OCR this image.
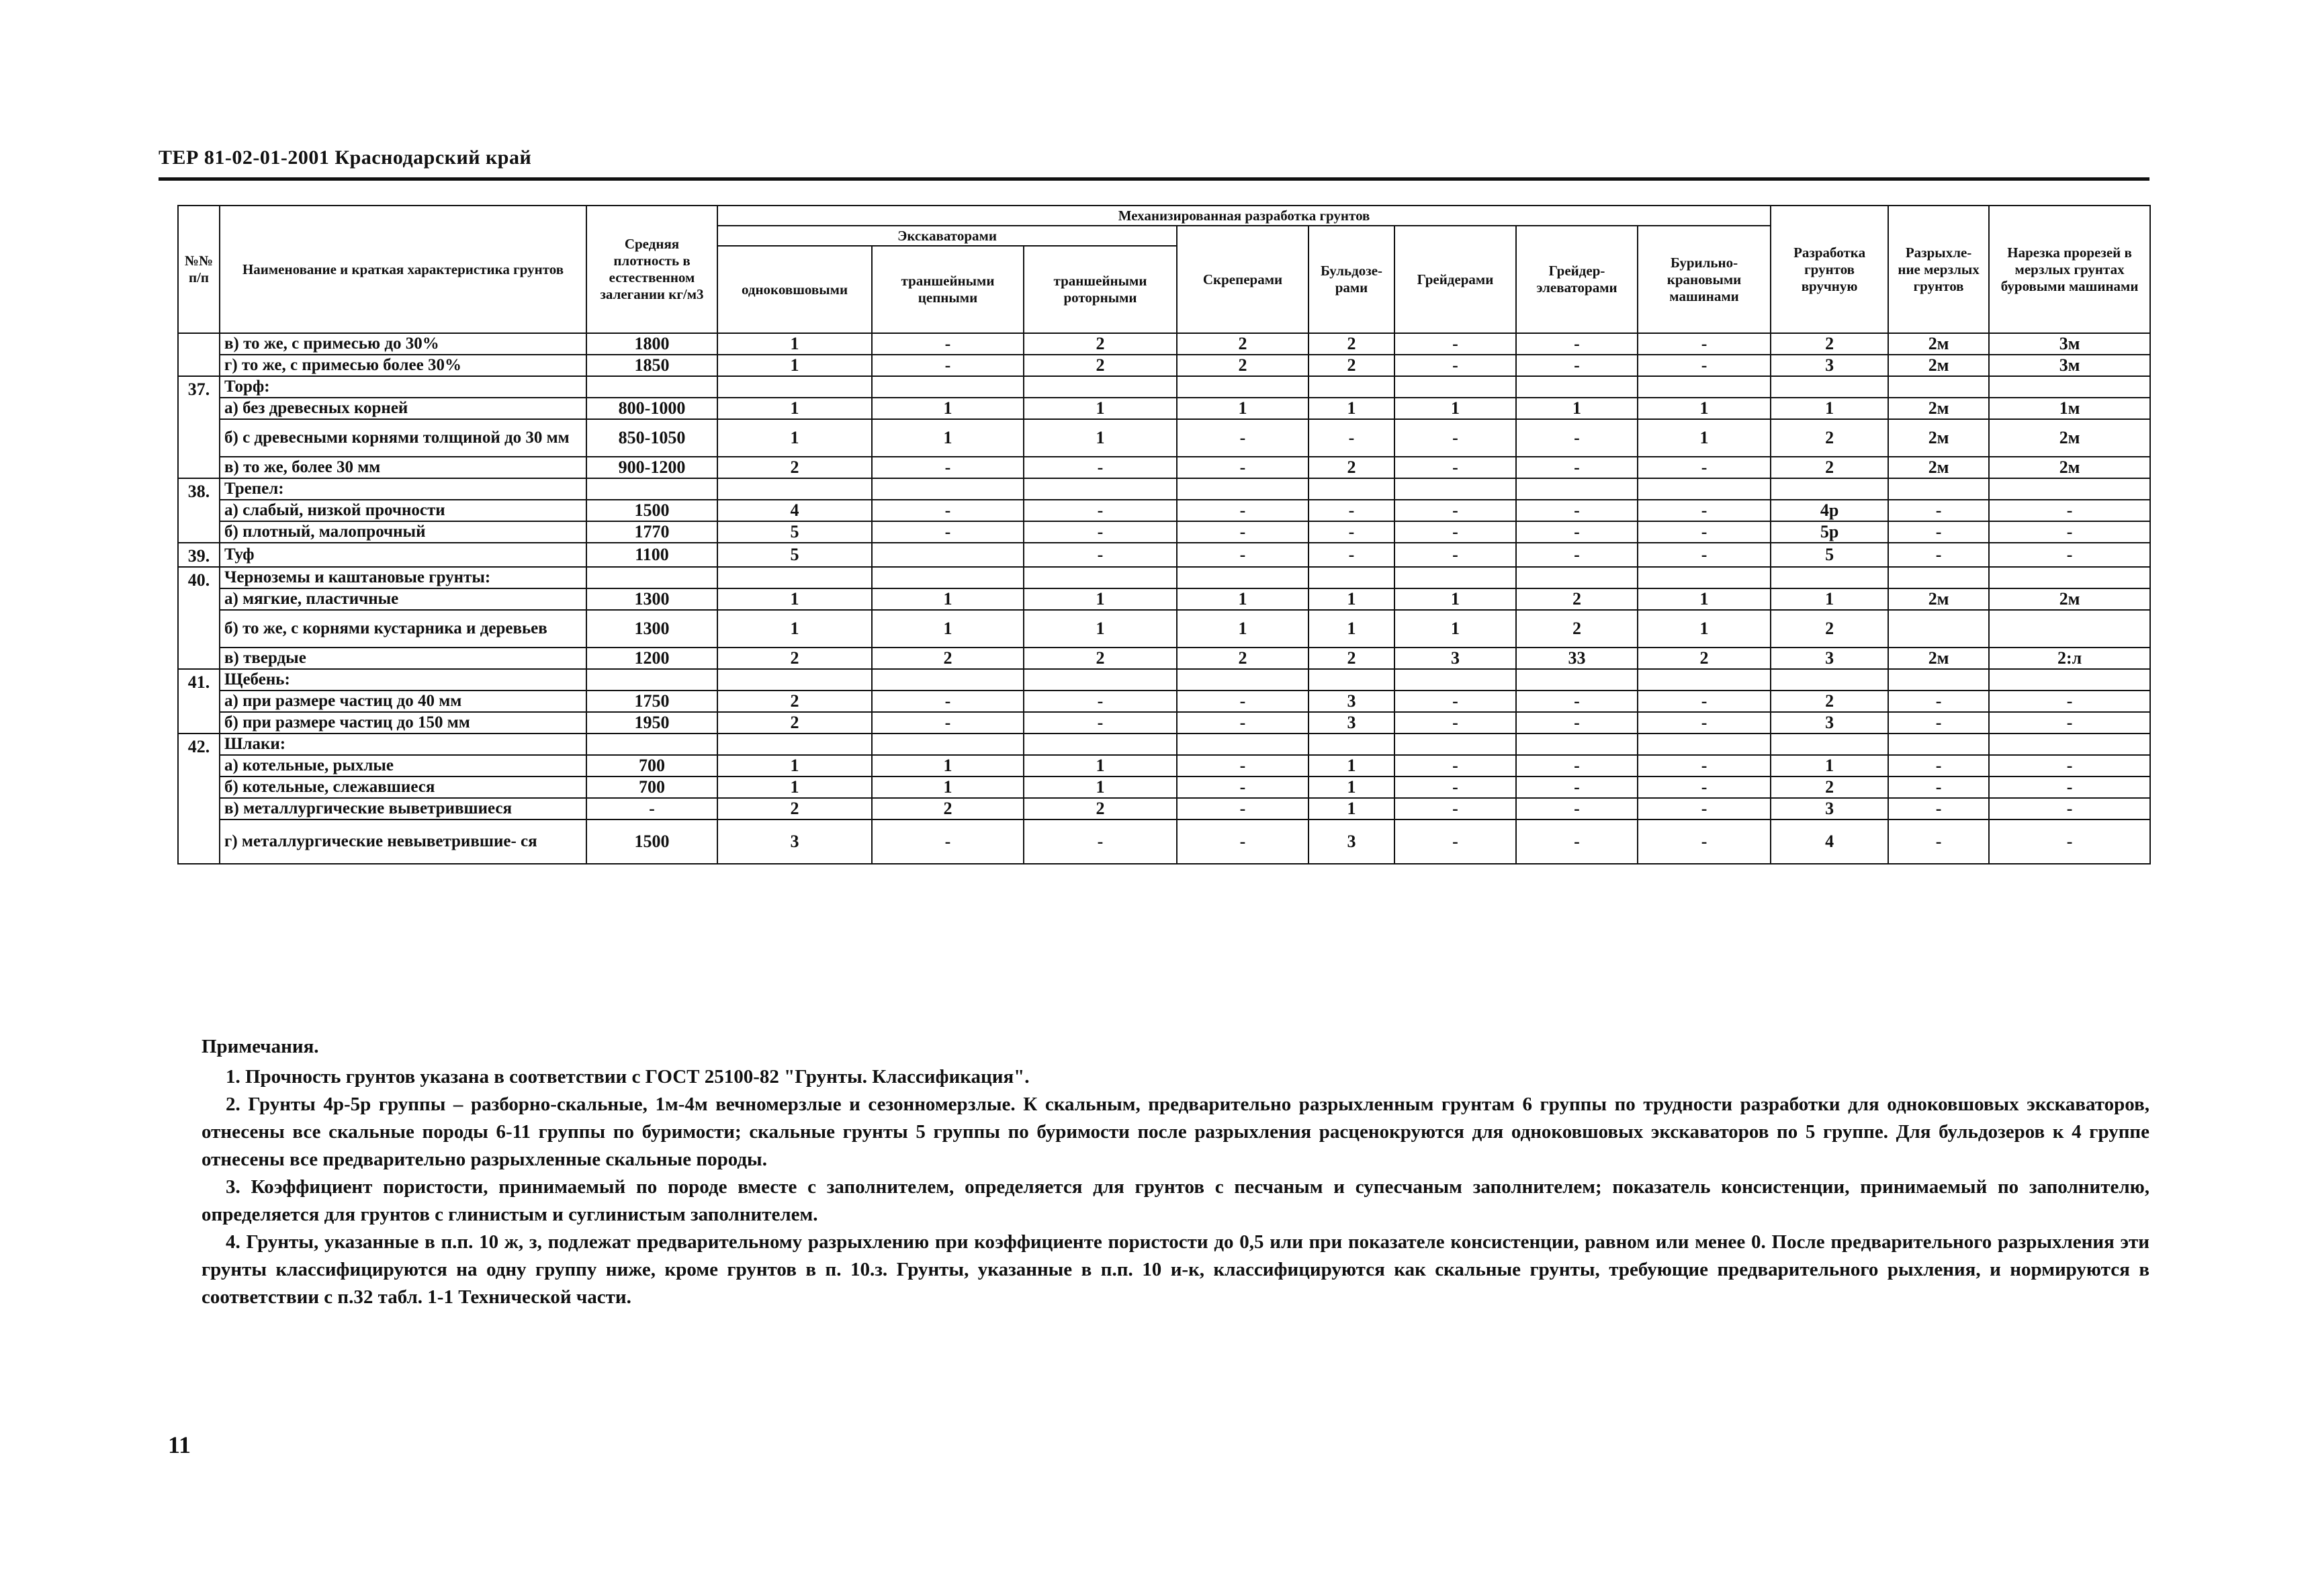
ТЕР 81-02-01-2001 Краснодарский край
№№ п/п	Наименование и краткая характеристика грунтов	Средняя плотность в естественном залегании кг/м3	Механизированная разработка грунтов								Разработка грунтов вручную	Разрыхле- ние мерзлых грунтов	Нарезка прорезей в мерзлых грунтах буровыми машинами
			Экскаваторами			Скреперами	Бульдозе- рами	Грейдерами	Грейдер- элеваторами	Бурильно- крановыми машинами			
			одноковшовыми	траншейными цепными	траншейными роторными								
	в) то же, с примесью до 30%	1800	1	-	2	2	2	-	-	-	2	2м	3м
	г) то же, с примесью более 30%	1850	1	-	2	2	2	-	-	-	3	2м	3м
37.	Торф:												
	а) без древесных корней	800-1000	1	1	1	1	1	1	1	1	1	2м	1м
	б) с древесными корнями толщиной до 30 мм	850-1050	1	1	1	-	-	-	-	1	2	2м	2м
	в) то же, более 30 мм	900-1200	2	-	-	-	2	-	-	-	2	2м	2м
38.	Трепел:												
	а) слабый, низкой прочности	1500	4	-	-	-	-	-	-	-	4р	-	-
	б) плотный, малопрочный	1770	5	-	-	-	-	-	-	-	5р	-	-
39.	Туф	1100	5		-	-	-	-	-	-	5	-	-
40.	Черноземы и каштановые грунты:												
	а) мягкие, пластичные	1300	1	1	1	1	1	1	2	1	1	2м	2м
	б) то же, с корнями кустарника и деревьев	1300	1	1	1	1	1	1	2	1	2		
	в) твердые	1200	2	2	2	2	2	3	33	2	3	2м	2:л
41.	Щебень:												
	а) при размере частиц до 40 мм	1750	2	-	-	-	3	-	-	-	2	-	-
	б) при размере частиц до 150 мм	1950	2	-	-	-	3	-	-	-	3	-	-
42.	Шлаки:												
	а) котельные, рыхлые	700	1	1	1	-	1	-	-	-	1	-	-
	б) котельные, слежавшиеся	700	1	1	1	-	1	-	-	-	2	-	-
	в) металлургические выветрившиеся	-	2	2	2	-	1	-	-	-	3	-	-
	г) металлургические невыветрившие- ся	1500	3	-	-	-	3	-	-	-	4	-	-

Примечания.

1. Прочность грунтов указана в соответствии с ГОСТ 25100-82 "Грунты. Классификация".

2. Грунты 4р-5р группы – разборно-скальные, 1м-4м вечномерзлые и сезонномерзлые. К скальным, предварительно разрыхленным грунтам 6 группы по трудности разработки для одноковшовых экскаваторов, отнесены все скальные породы 6-11 группы по буримости; скальные грунты 5 группы по буримости после разрыхления расценокруются для одноковшовых экскаваторов по 5 группе. Для бульдозеров к 4 группе отнесены все предварительно разрыхленные скальные породы.

3. Коэффициент пористости, принимаемый по породе вместе с заполнителем, определяется для грунтов с песчаным и супесчаным заполнителем; показатель консистенции, принимаемый по заполнителю, определяется для грунтов с глинистым и суглинистым заполнителем.

4. Грунты, указанные в п.п. 10 ж, з, подлежат предварительному разрыхлению при коэффициенте пористости до 0,5 или при показателе консистенции, равном или менее 0. После предварительного разрыхления эти грунты классифицируются на одну группу ниже, кроме грунтов в п. 10.з. Грунты, указанные в п.п. 10 и-к, классифицируются как скальные грунты, требующие предварительного рыхления, и нормируются в соответствии с п.32 табл. 1-1 Технической части.

11
